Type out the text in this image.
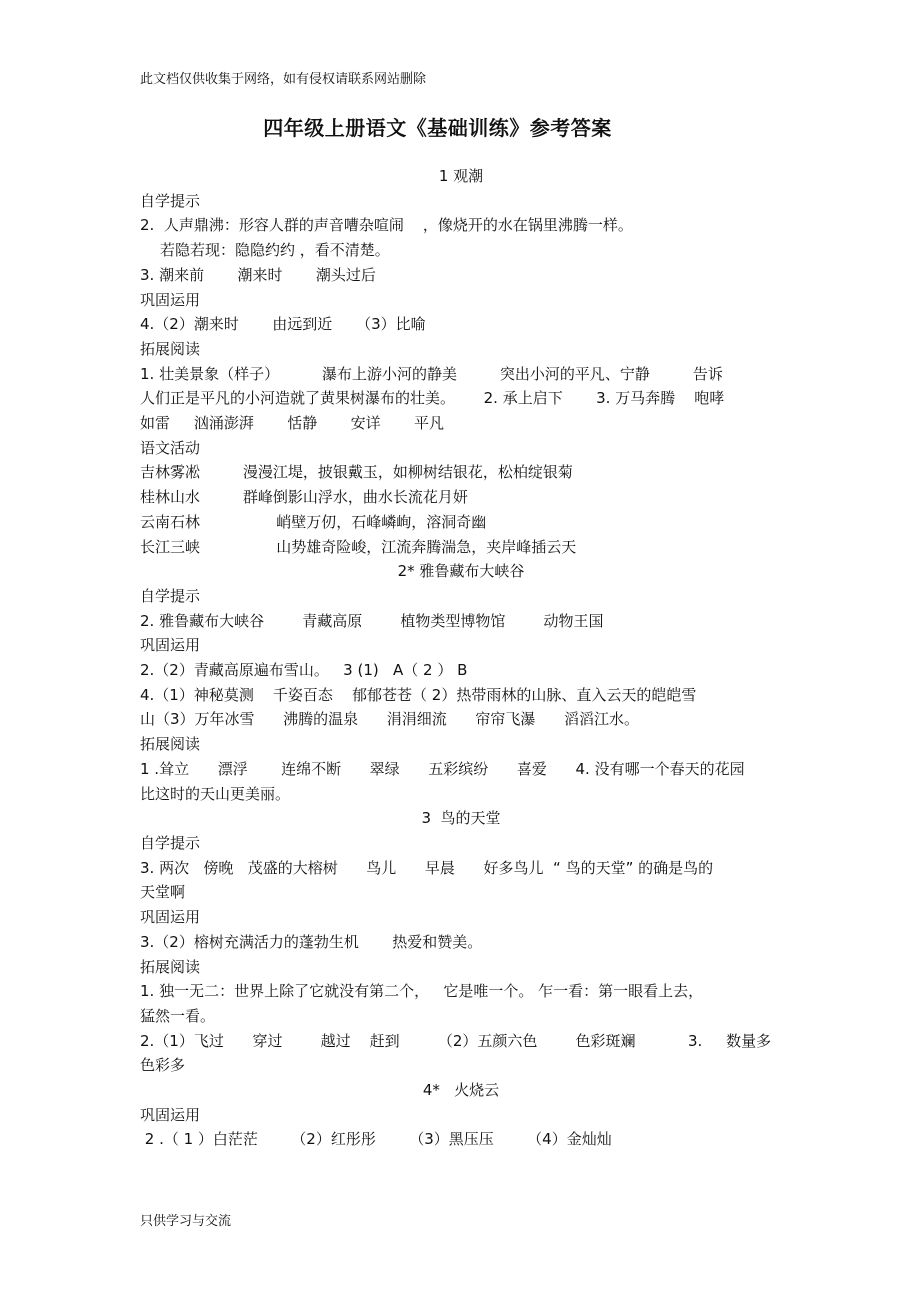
此文档仅供收集于网络，如有侵权请联系网站删除
四年级上册语文《基础训练》参考答案
1 观潮
自学提示
2.  人声鼎沸：形容人群的声音嘈杂喧闹    ，像烧开的水在锅里沸腾一样。
若隐若现：隐隐约约 ，看不清楚。
3. 潮来前       潮来时       潮头过后
巩固运用
4.（2）潮来时       由远到近     （3）比喻
拓展阅读
1. 壮美景象（样子）         瀑布上游小河的静美         突出小河的平凡、宁静         告诉
人们正是平凡的小河造就了黄果树瀑布的壮美。      2. 承上启下       3. 万马奔腾    咆哮
如雷     汹涌澎湃       恬静       安详       平凡
语文活动
吉林雾凇         漫漫江堤，披银戴玉，如柳树结银花，松柏绽银菊
桂林山水         群峰倒影山浮水，曲水长流花月妍
云南石林                峭壁万仞，石峰嶙峋，溶洞奇幽
长江三峡                山势雄奇险峻，江流奔腾湍急，夹岸峰插云天
2* 雅鲁藏布大峡谷
自学提示
2. 雅鲁藏布大峡谷        青藏高原        植物类型博物馆        动物王国
巩固运用
2.（2）青藏高原遍布雪山。   3 (1)   A（ 2 ） B
4.（1）神秘莫测    千姿百态    郁郁苍苍（ 2）热带雨林的山脉、直入云天的皑皑雪
山（3）万年冰雪      沸腾的温泉      涓涓细流      帘帘飞瀑      滔滔江水。
拓展阅读
1 .耸立      漂浮       连绵不断      翠绿      五彩缤纷      喜爱      4. 没有哪一个春天的花园
比这时的天山更美丽。
3  鸟的天堂
自学提示
3. 两次   傍晚   茂盛的大榕树      鸟儿      早晨      好多鸟儿  “ 鸟的天堂” 的确是鸟的
天堂啊
巩固运用
3.（2）榕树充满活力的蓬勃生机       热爱和赞美。
拓展阅读
1. 独一无二：世界上除了它就没有第二个，   它是唯一个。 乍一看：第一眼看上去，
猛然一看。
2.（1）飞过      穿过        越过    赶到        （2）五颜六色        色彩斑斓           3.     数量多
色彩多
4*   火烧云
巩固运用
2 .（ 1 ）白茫茫       （2）红彤彤       （3）黑压压       （4）金灿灿
只供学习与交流
